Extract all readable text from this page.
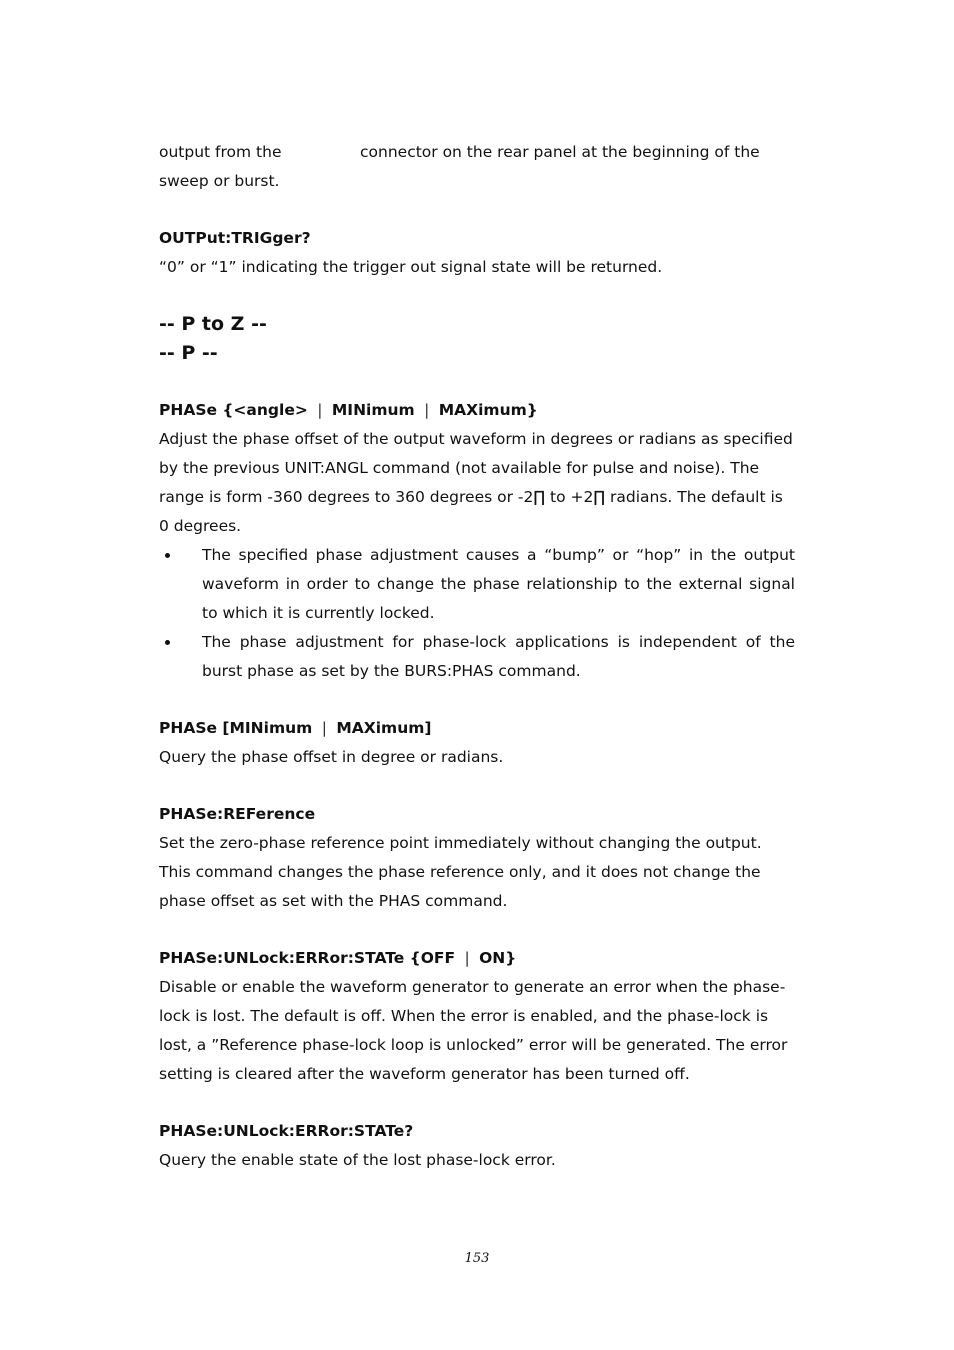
output from the	connector on the rear panel at the beginning of the

sweep or burst.

OUTPut:TRIGger?

“0” or “1” indicating the trigger out signal state will be returned.

-- P to Z --

-- P --

PHASe {<angle> | MINimum | MAXimum}

Adjust the phase offset of the output waveform in degrees or radians as specified by the previous UNIT:ANGL command (not available for pulse and noise). The range is form -360 degrees to 360 degrees or -2∏ to +2∏ radians. The default is 0 degrees.

The specified phase adjustment causes a “bump” or “hop” in the output waveform in order to change the phase relationship to the external signal to which it is currently locked.
The phase adjustment for phase-lock applications is independent of the burst phase as set by the BURS:PHAS command.

PHASe [MINimum | MAXimum]

Query the phase offset in degree or radians.

PHASe:REFerence

Set the zero-phase reference point immediately without changing the output. This command changes the phase reference only, and it does not change the phase offset as set with the PHAS command.

PHASe:UNLock:ERRor:STATe {OFF | ON}

Disable or enable the waveform generator to generate an error when the phase-lock is lost. The default is off. When the error is enabled, and the phase-lock is lost, a ”Reference phase-lock loop is unlocked” error will be generated. The error setting is cleared after the waveform generator has been turned off.

PHASe:UNLock:ERRor:STATe?

Query the enable state of the lost phase-lock error.

153
